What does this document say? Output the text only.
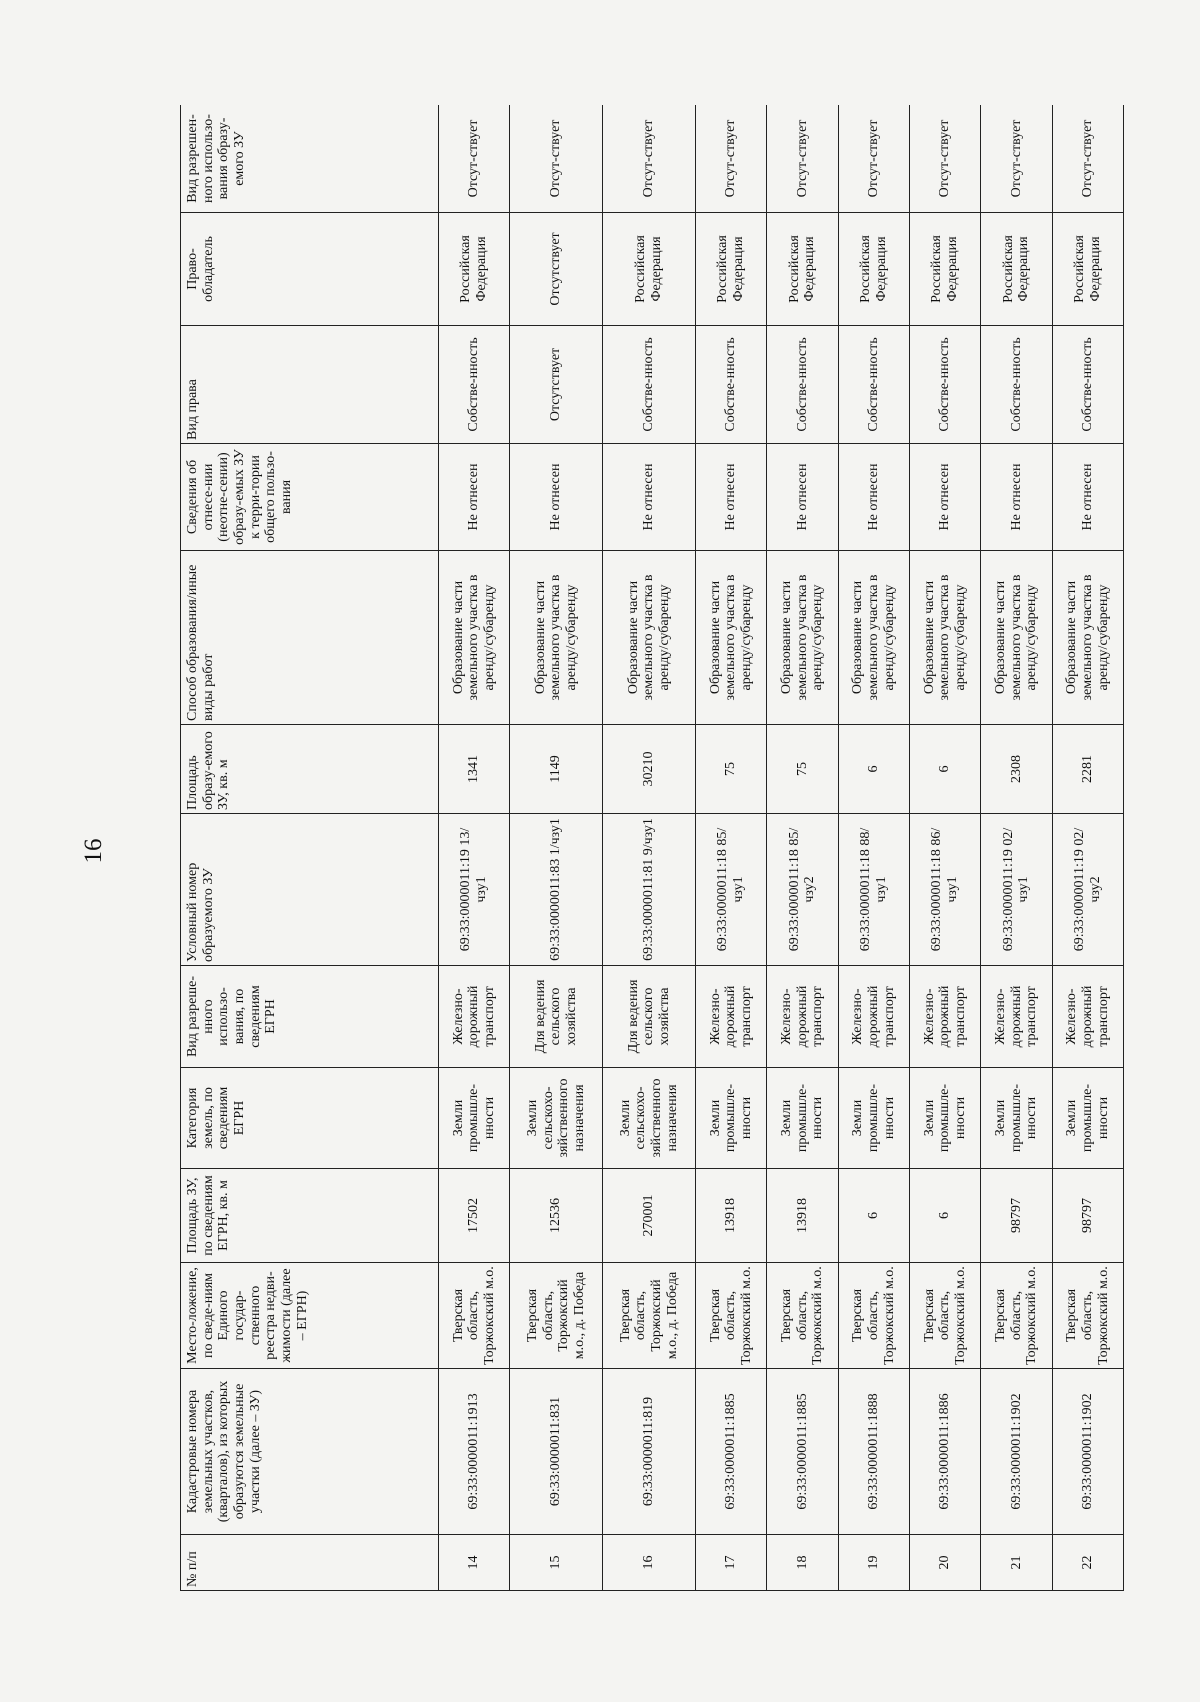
16
№ п/п	Кадастровые номера земельных участков, (кварталов), из которых образуются земельные участки (далее – ЗУ)	Место-ложение, по сведе-ниям Единого государ-ственного реестра недви-жимости (далее – ЕГРН)	Площадь ЗУ, по сведениям ЕГРН, кв. м	Категория земель, по сведениям ЕГРН	Вид разреше-нного использо-вания, по сведениям ЕГРН	Условный номер образуемого ЗУ	Площадь образу-емого ЗУ, кв. м	Способ образования/иные виды работ	Сведения об отнесе-нии (неотне-сении) образу-емых ЗУ к терри-тории общего пользо-вания	Вид права	Право-обладатель	Вид разрешен-ного использо-вания образу-емого ЗУ
14	69:33:0000011:1913	Тверская область, Торжокский м.о.	17502	Земли промышле-нности	Железно-дорожный транспорт	69:33:0000011:19 13/чзу1	1341	Образование части земельного участка в аренду/субаренду	Не отнесен	Собстве-нность	Российская Федерация	Отсут-ствует
15	69:33:0000011:831	Тверская область, Торжокский м.о., д. Победа	12536	Земли сельскохо-зяйственного назначения	Для ведения сельского хозяйства	69:33:0000011:83 1/чзу1	1149	Образование части земельного участка в аренду/субаренду	Не отнесен	Отсутствует	Отсутствует	Отсут-ствует
16	69:33:0000011:819	Тверская область, Торжокский м.о., д. Победа	270001	Земли сельскохо-зяйственного назначения	Для ведения сельского хозяйства	69:33:0000011:81 9/чзу1	30210	Образование части земельного участка в аренду/субаренду	Не отнесен	Собстве-нность	Российская Федерация	Отсут-ствует
17	69:33:0000011:1885	Тверская область, Торжокский м.о.	13918	Земли промышле-нности	Железно-дорожный транспорт	69:33:0000011:18 85/чзу1	75	Образование части земельного участка в аренду/субаренду	Не отнесен	Собстве-нность	Российская Федерация	Отсут-ствует
18	69:33:0000011:1885	Тверская область, Торжокский м.о.	13918	Земли промышле-нности	Железно-дорожный транспорт	69:33:0000011:18 85/чзу2	75	Образование части земельного участка в аренду/субаренду	Не отнесен	Собстве-нность	Российская Федерация	Отсут-ствует
19	69:33:0000011:1888	Тверская область, Торжокский м.о.	6	Земли промышле-нности	Железно-дорожный транспорт	69:33:0000011:18 88/чзу1	6	Образование части земельного участка в аренду/субаренду	Не отнесен	Собстве-нность	Российская Федерация	Отсут-ствует
20	69:33:0000011:1886	Тверская область, Торжокский м.о.	6	Земли промышле-нности	Железно-дорожный транспорт	69:33:0000011:18 86/чзу1	6	Образование части земельного участка в аренду/субаренду	Не отнесен	Собстве-нность	Российская Федерация	Отсут-ствует
21	69:33:0000011:1902	Тверская область, Торжокский м.о.	98797	Земли промышле-нности	Железно-дорожный транспорт	69:33:0000011:19 02/чзу1	2308	Образование части земельного участка в аренду/субаренду	Не отнесен	Собстве-нность	Российская Федерация	Отсут-ствует
22	69:33:0000011:1902	Тверская область, Торжокский м.о.	98797	Земли промышле-нности	Железно-дорожный транспорт	69:33:0000011:19 02/чзу2	2281	Образование части земельного участка в аренду/субаренду	Не отнесен	Собстве-нность	Российская Федерация	Отсут-ствует
